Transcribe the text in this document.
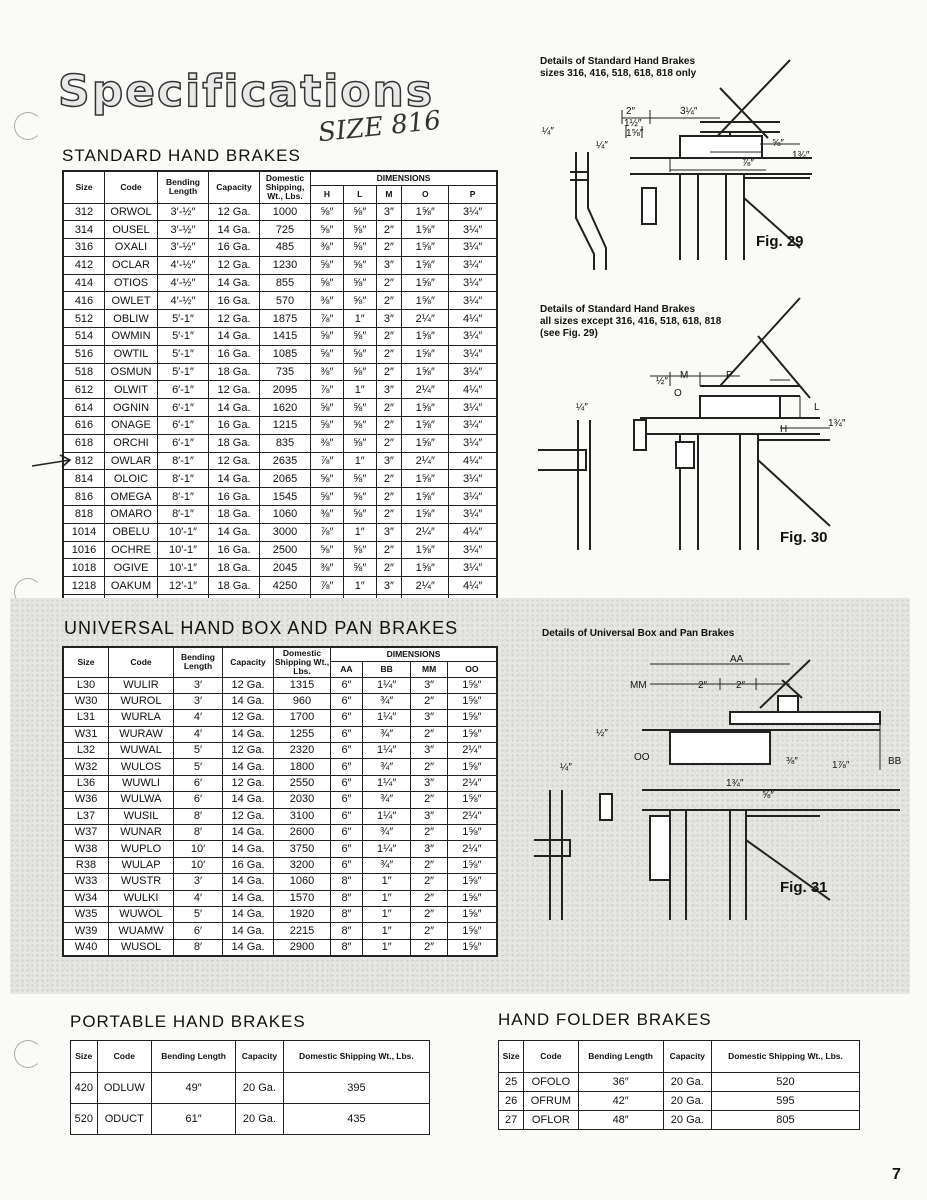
Specifications
SIZE 816
STANDARD HAND BRAKES
Size	Code	Bending Length	Capacity	Domestic Shipping, Wt., Lbs.	DIMENSIONS				
					H	L	M	O	P
312	ORWOL	3′-½″	12 Ga.	1000	⅝″	⅝″	3″	1⅝″	3¼″
314	OUSEL	3′-½″	14 Ga.	725	⅝″	⅝″	2″	1⅝″	3¼″
316	OXALI	3′-½″	16 Ga.	485	⅜″	⅝″	2″	1⅝″	3¼″
412	OCLAR	4′-½″	12 Ga.	1230	⅝″	⅝″	3″	1⅝″	3¼″
414	OTIOS	4′-½″	14 Ga.	855	⅝″	⅝″	2″	1⅝″	3¼″
416	OWLET	4′-½″	16 Ga.	570	⅜″	⅝″	2″	1⅝″	3¼″
512	OBLIW	5′-1″	12 Ga.	1875	⅞″	1″	3″	2¼″	4¼″
514	OWMIN	5′-1″	14 Ga.	1415	⅝″	⅝″	2″	1⅝″	3¼″
516	OWTIL	5′-1″	16 Ga.	1085	⅝″	⅝″	2″	1⅝″	3¼″
518	OSMUN	5′-1″	18 Ga.	735	⅜″	⅝″	2″	1⅝″	3¼″
612	OLWIT	6′-1″	12 Ga.	2095	⅞″	1″	3″	2¼″	4¼″
614	OGNIN	6′-1″	14 Ga.	1620	⅝″	⅝″	2″	1⅝″	3¼″
616	ONAGE	6′-1″	16 Ga.	1215	⅝″	⅝″	2″	1⅝″	3¼″
618	ORCHI	6′-1″	18 Ga.	835	⅜″	⅝″	2″	1⅝″	3¼″
812	OWLAR	8′-1″	12 Ga.	2635	⅞″	1″	3″	2¼″	4¼″
814	OLOIC	8′-1″	14 Ga.	2065	⅝″	⅝″	2″	1⅝″	3¼″
816	OMEGA	8′-1″	16 Ga.	1545	⅝″	⅝″	2″	1⅝″	3¼″
818	OMARO	8′-1″	18 Ga.	1060	⅜″	⅝″	2″	1⅝″	3¼″
1014	OBELU	10′-1″	14 Ga.	3000	⅞″	1″	3″	2¼″	4¼″
1016	OCHRE	10′-1″	16 Ga.	2500	⅝″	⅝″	2″	1⅝″	3¼″
1018	OGIVE	10′-1″	18 Ga.	2045	⅜″	⅝″	2″	1⅝″	3¼″
1218	OAKUM	12′-1″	18 Ga.	4250	⅞″	1″	3″	2¼″	4¼″

UNIVERSAL HAND BOX AND PAN BRAKES
Size	Code	Bending Length	Capacity	Domestic Shipping Wt., Lbs.	DIMENSIONS			
					AA	BB	MM	OO
L30	WULIR	3′	12 Ga.	1315	6″	1¼″	3″	1⅝″
W30	WUROL	3′	14 Ga.	960	6″	¾″	2″	1⅝″
L31	WURLA	4′	12 Ga.	1700	6″	1¼″	3″	1⅝″
W31	WURAW	4′	14 Ga.	1255	6″	¾″	2″	1⅝″
L32	WUWAL	5′	12 Ga.	2320	6″	1¼″	3″	2¼″
W32	WULOS	5′	14 Ga.	1800	6″	¾″	2″	1⅝″
L36	WUWLI	6′	12 Ga.	2550	6″	1¼″	3″	2¼″
W36	WULWA	6′	14 Ga.	2030	6″	¾″	2″	1⅝″
L37	WUSIL	8′	12 Ga.	3100	6″	1¼″	3″	2¼″
W37	WUNAR	8′	14 Ga.	2600	6″	¾″	2″	1⅝″
W38	WUPLO	10′	14 Ga.	3750	6″	1¼″	3″	2¼″
R38	WULAP	10′	16 Ga.	3200	6″	¾″	2″	1⅝″
W33	WUSTR	3′	14 Ga.	1060	8″	1″	2″	1⅝″
W34	WULKI	4′	14 Ga.	1570	8″	1″	2″	1⅝″
W35	WUWOL	5′	14 Ga.	1920	8″	1″	2″	1⅝″
W39	WUAMW	6′	14 Ga.	2215	8″	1″	2″	1⅝″
W40	WUSOL	8′	14 Ga.	2900	8″	1″	2″	1⅝″
PORTABLE HAND BRAKES
Size	Code	Bending Length	Capacity	Domestic Shipping Wt., Lbs.
420	ODLUW	49″	20 Ga.	395
520	ODUCT	61″	20 Ga.	435
HAND FOLDER BRAKES
Size	Code	Bending Length	Capacity	Domestic Shipping Wt., Lbs.
25	OFOLO	36″	20 Ga.	520
26	OFRUM	42″	20 Ga.	595
27	OFLOR	48″	20 Ga.	805
Details of Standard Hand Brakes
sizes 316, 416, 518, 618, 818 only
2″	3¼″
1½″
1⅝″
¼″
¼″	⅝″
⅞″
1¾″
Fig. 29
Details of Standard Hand Brakes
all sizes except 316, 416, 518, 618, 818
(see Fig. 29)
½″
M	P
O
L
H
¼″
1¾″
Fig. 30
Details of Universal Box and Pan Brakes
AA
MM	2″	2″
BB
OO
½″
¼″
⅜″	1⅞″
1¾″
⅝″
Fig. 31
7
